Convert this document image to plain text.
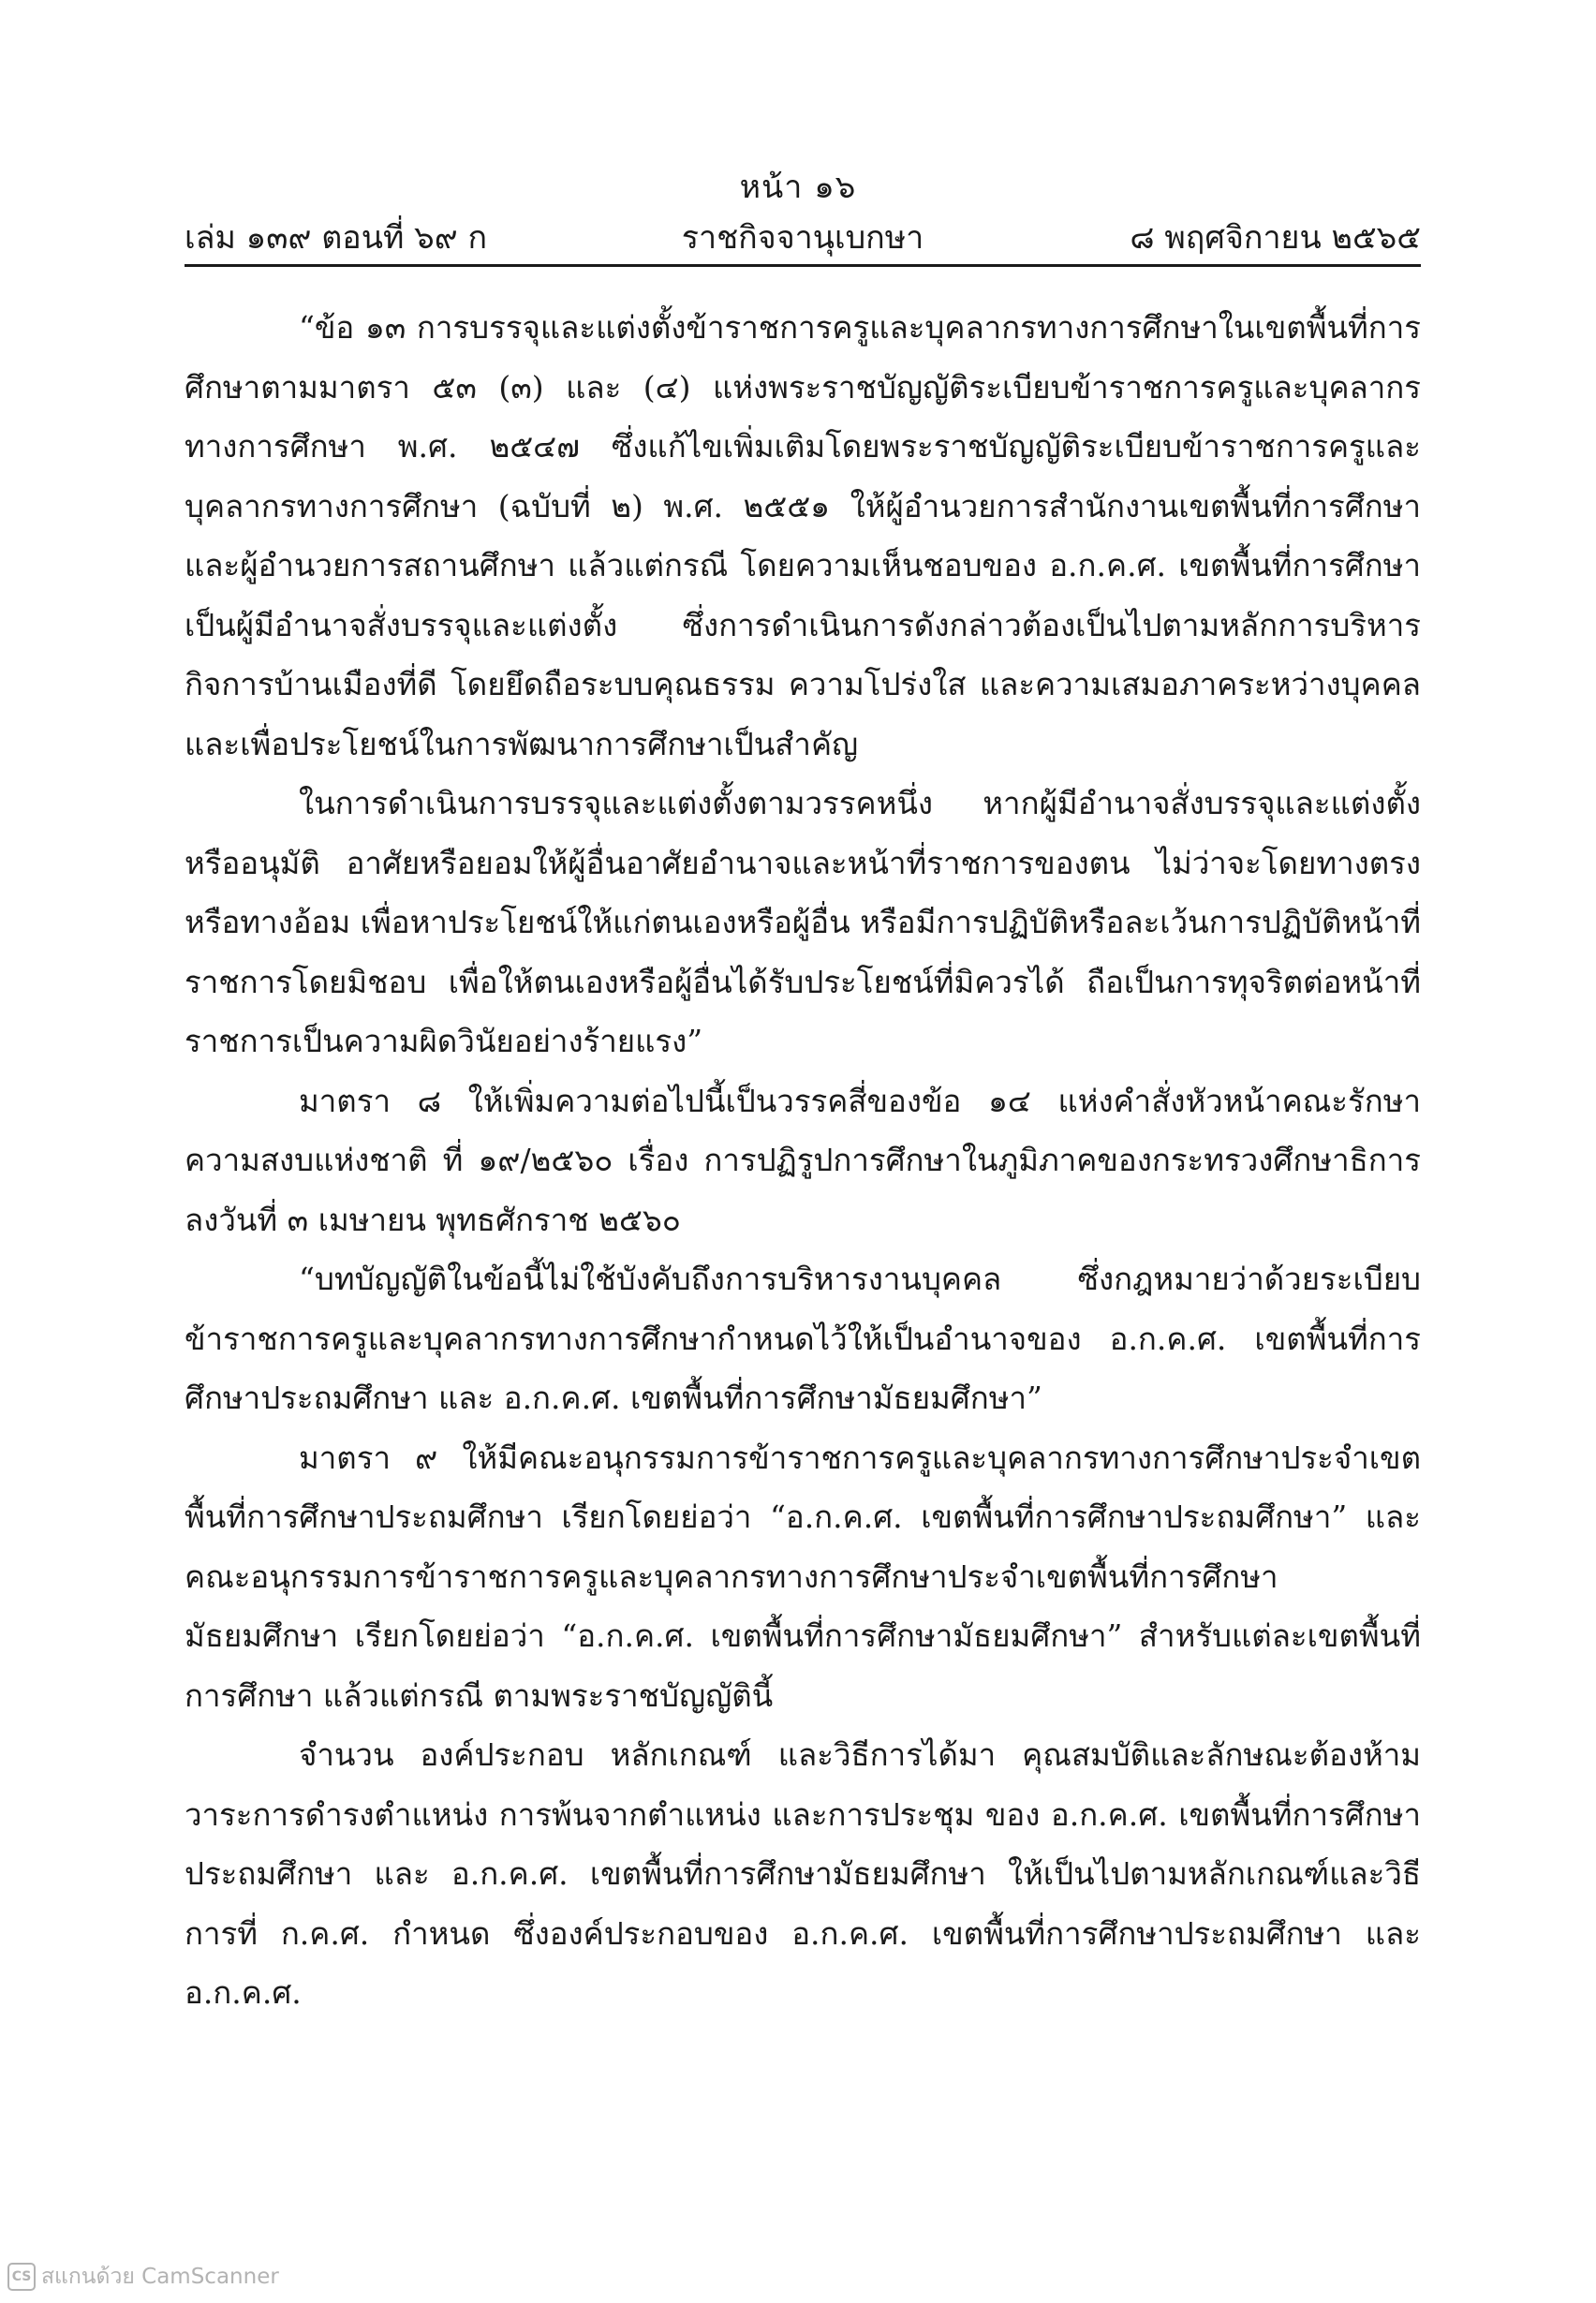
หน้า ๑๖
ราชกิจจานุเบกษา
เล่ม ๑๓๙ ตอนที่ ๖๙ ก	๘ พฤศจิกายน ๒๕๖๕

“ข้อ ๑๓ การบรรจุและแต่งตั้งข้าราชการครูและบุคลากรทางการศึกษาในเขตพื้นที่การศึกษาตามมาตรา ๕๓ (๓) และ (๔) แห่งพระราชบัญญัติระเบียบข้าราชการครูและบุคลากรทางการศึกษา พ.ศ. ๒๕๔๗ ซึ่งแก้ไขเพิ่มเติมโดยพระราชบัญญัติระเบียบข้าราชการครูและบุคลากรทางการศึกษา (ฉบับที่ ๒) พ.ศ. ๒๕๕๑ ให้ผู้อำนวยการสำนักงานเขตพื้นที่การศึกษาและผู้อำนวยการสถานศึกษา แล้วแต่กรณี โดยความเห็นชอบของ อ.ก.ค.ศ. เขตพื้นที่การศึกษา เป็นผู้มีอำนาจสั่งบรรจุและแต่งตั้ง ซึ่งการดำเนินการดังกล่าวต้องเป็นไปตามหลักการบริหารกิจการบ้านเมืองที่ดี โดยยึดถือระบบคุณธรรม ความโปร่งใส และความเสมอภาคระหว่างบุคคล และเพื่อประโยชน์ในการพัฒนาการศึกษาเป็นสำคัญ

ในการดำเนินการบรรจุและแต่งตั้งตามวรรคหนึ่ง หากผู้มีอำนาจสั่งบรรจุและแต่งตั้งหรืออนุมัติ อาศัยหรือยอมให้ผู้อื่นอาศัยอำนาจและหน้าที่ราชการของตน ไม่ว่าจะโดยทางตรงหรือทางอ้อม เพื่อหาประโยชน์ให้แก่ตนเองหรือผู้อื่น หรือมีการปฏิบัติหรือละเว้นการปฏิบัติหน้าที่ราชการโดยมิชอบ เพื่อให้ตนเองหรือผู้อื่นได้รับประโยชน์ที่มิควรได้ ถือเป็นการทุจริตต่อหน้าที่ราชการเป็นความผิดวินัยอย่างร้ายแรง”

มาตรา ๘ ให้เพิ่มความต่อไปนี้เป็นวรรคสี่ของข้อ ๑๔ แห่งคำสั่งหัวหน้าคณะรักษาความสงบแห่งชาติ ที่ ๑๙/๒๕๖๐ เรื่อง การปฏิรูปการศึกษาในภูมิภาคของกระทรวงศึกษาธิการ ลงวันที่ ๓ เมษายน พุทธศักราช ๒๕๖๐

“บทบัญญัติในข้อนี้ไม่ใช้บังคับถึงการบริหารงานบุคคล ซึ่งกฎหมายว่าด้วยระเบียบข้าราชการครูและบุคลากรทางการศึกษากำหนดไว้ให้เป็นอำนาจของ อ.ก.ค.ศ. เขตพื้นที่การศึกษาประถมศึกษา และ อ.ก.ค.ศ. เขตพื้นที่การศึกษามัธยมศึกษา”

มาตรา ๙ ให้มีคณะอนุกรรมการข้าราชการครูและบุคลากรทางการศึกษาประจำเขตพื้นที่การศึกษาประถมศึกษา เรียกโดยย่อว่า “อ.ก.ค.ศ. เขตพื้นที่การศึกษาประถมศึกษา” และคณะอนุกรรมการข้าราชการครูและบุคลากรทางการศึกษาประจำเขตพื้นที่การศึกษามัธยมศึกษา เรียกโดยย่อว่า “อ.ก.ค.ศ. เขตพื้นที่การศึกษามัธยมศึกษา” สำหรับแต่ละเขตพื้นที่การศึกษา แล้วแต่กรณี ตามพระราชบัญญัตินี้

จำนวน องค์ประกอบ หลักเกณฑ์ และวิธีการได้มา คุณสมบัติและลักษณะต้องห้าม วาระการดำรงตำแหน่ง การพ้นจากตำแหน่ง และการประชุม ของ อ.ก.ค.ศ. เขตพื้นที่การศึกษาประถมศึกษา และ อ.ก.ค.ศ. เขตพื้นที่การศึกษามัธยมศึกษา ให้เป็นไปตามหลักเกณฑ์และวิธีการที่ ก.ค.ศ. กำหนด ซึ่งองค์ประกอบของ อ.ก.ค.ศ. เขตพื้นที่การศึกษาประถมศึกษา และ อ.ก.ค.ศ.

CS สแกนด้วย CamScanner
